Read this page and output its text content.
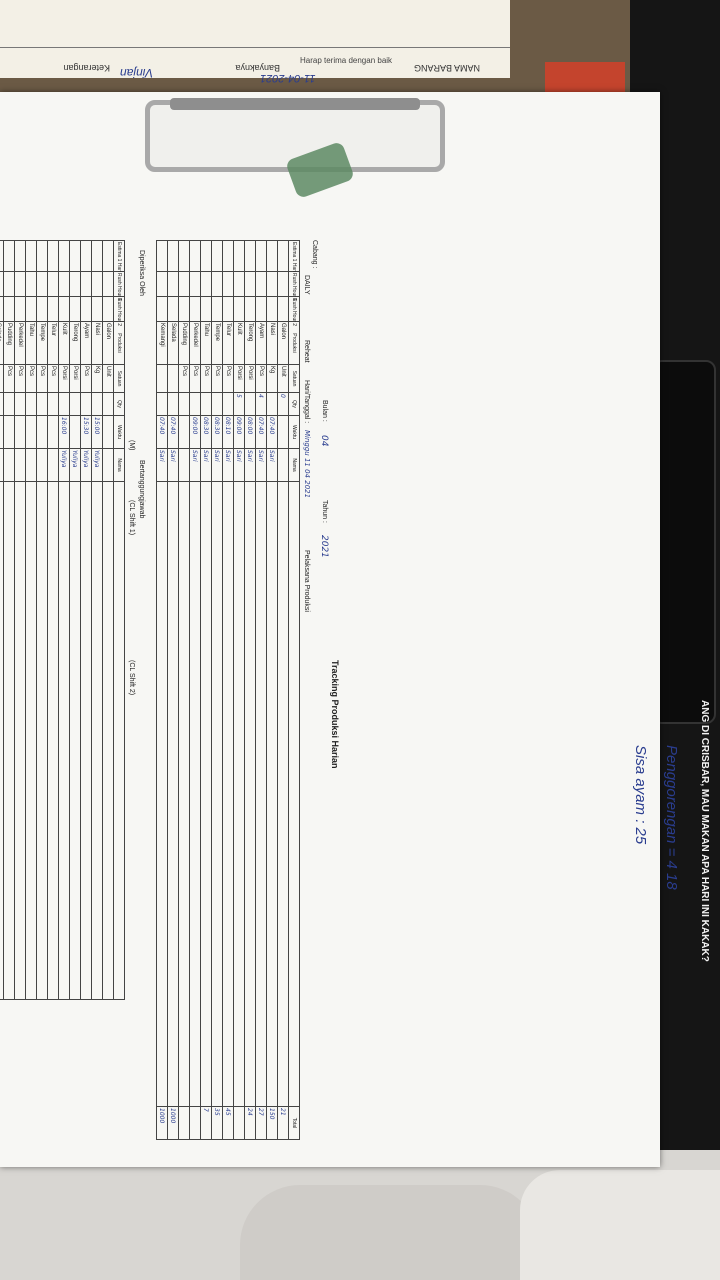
NAMA BARANG
Banyaknya
Keterangan
Harap terima dengan baik
11-04-2021
Vinjan
Tracking Produksi Harian
Cabang :
Bulan :
04
Tahun :
2021
Hari/Tanggal :
Minggu 11 04 2021
Pelaksana Produksi
DAILY
Reheat
Estima 1 Hari	Rush Hour 1	Rush Hour 2	Produksi	Satuan	Qty	Waktu	Nama		Total
			Galon	Unit	0				21
			Nasi	Kg		07:40	Sari		150
			Ayam	Pcs	4	07:40	Sari		27
			Terong	Porsi		08:00	Sari		24
			Kulit	Porsi	5	09:00	Sari		
			Telur	Pcs		08:10	Sari		45
			Tempe	Pcs		08:30	Sari		35
			Tahu	Pcs		08:30	Sari		7
			Perkedel	Pcs		09:00	Sari		
			Pudding	Pcs					
			Selada			07:40	Sari		1000
			Kemangi			07:40	Sari		1000
Diperiksa Oleh
Bertanggungjawab
(CL Shift 1)
(CL Shift 2)
(M)
Estima 1 Hari	Rush Hour 1	Rush Hour 2	Produksi	Satuan	Qty	Waktu	Nama	
			Galon	Unit				
			Nasi	Kg		15:00	Yuliya	
			Ayam	Pcs		15:30	Yuliya	
			Terong	Porsi			Yuliya	
			Kulit	Porsi		16:00	Yuliya	
			Telur	Pcs				
			Tempe	Pcs				
			Tahu	Pcs				
			Perkedel	Pcs				
			Pudding	Pcs				

Penggorengan = 4 18
Sisa ayam : 25	ANG DI CRISBAR, MAU MAKAN APA HARI INI KAKAK?
